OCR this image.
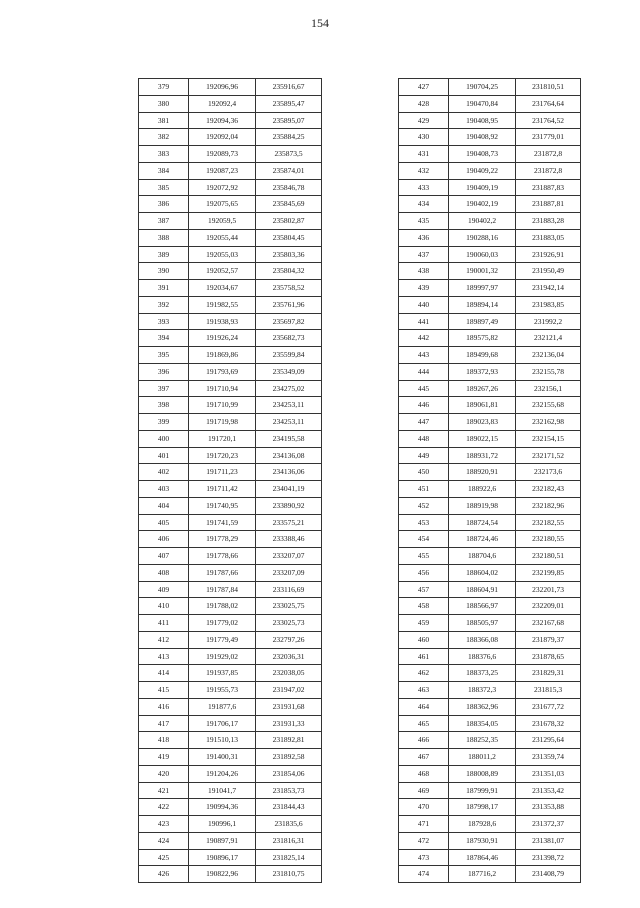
154
379	192096,96	235916,67
380	192092,4	235895,47
381	192094,36	235895,07
382	192092,04	235884,25
383	192089,73	235873,5
384	192087,23	235874,01
385	192072,92	235846,78
386	192075,65	235845,69
387	192059,5	235802,87
388	192055,44	235804,45
389	192055,03	235803,36
390	192052,57	235804,32
391	192034,67	235758,52
392	191982,55	235761,96
393	191938,93	235697,82
394	191926,24	235682,73
395	191869,86	235599,84
396	191793,69	235349,09
397	191710,94	234275,02
398	191710,99	234253,11
399	191719,98	234253,11
400	191720,1	234195,58
401	191720,23	234136,08
402	191711,23	234136,06
403	191711,42	234041,19
404	191740,95	233890,92
405	191741,59	233575,21
406	191778,29	233388,46
407	191778,66	233207,07
408	191787,66	233207,09
409	191787,84	233116,69
410	191788,02	233025,75
411	191779,02	233025,73
412	191779,49	232797,26
413	191929,02	232036,31
414	191937,85	232038,05
415	191955,73	231947,02
416	191877,6	231931,68
417	191706,17	231931,33
418	191510,13	231892,81
419	191400,31	231892,58
420	191204,26	231854,06
421	191041,7	231853,73
422	190994,36	231844,43
423	190996,1	231835,6
424	190897,91	231816,31
425	190896,17	231825,14
426	190822,96	231810,75
427	190704,25	231810,51
428	190470,84	231764,64
429	190408,95	231764,52
430	190408,92	231779,01
431	190408,73	231872,8
432	190409,22	231872,8
433	190409,19	231887,83
434	190402,19	231887,81
435	190402,2	231883,28
436	190288,16	231883,05
437	190060,03	231926,91
438	190001,32	231950,49
439	189997,97	231942,14
440	189894,14	231983,85
441	189897,49	231992,2
442	189575,82	232121,4
443	189499,68	232136,04
444	189372,93	232155,78
445	189267,26	232156,1
446	189061,81	232155,68
447	189023,83	232162,98
448	189022,15	232154,15
449	188931,72	232171,52
450	188920,91	232173,6
451	188922,6	232182,43
452	188919,98	232182,96
453	188724,54	232182,55
454	188724,46	232180,55
455	188704,6	232180,51
456	188604,02	232199,85
457	188604,91	232201,73
458	188566,97	232209,01
459	188505,97	232167,68
460	188366,08	231879,37
461	188376,6	231878,65
462	188373,25	231829,31
463	188372,3	231815,3
464	188362,96	231677,72
465	188354,05	231678,32
466	188252,35	231295,64
467	188011,2	231359,74
468	188008,89	231351,03
469	187999,91	231353,42
470	187998,17	231353,88
471	187928,6	231372,37
472	187930,91	231381,07
473	187864,46	231398,72
474	187716,2	231408,79
